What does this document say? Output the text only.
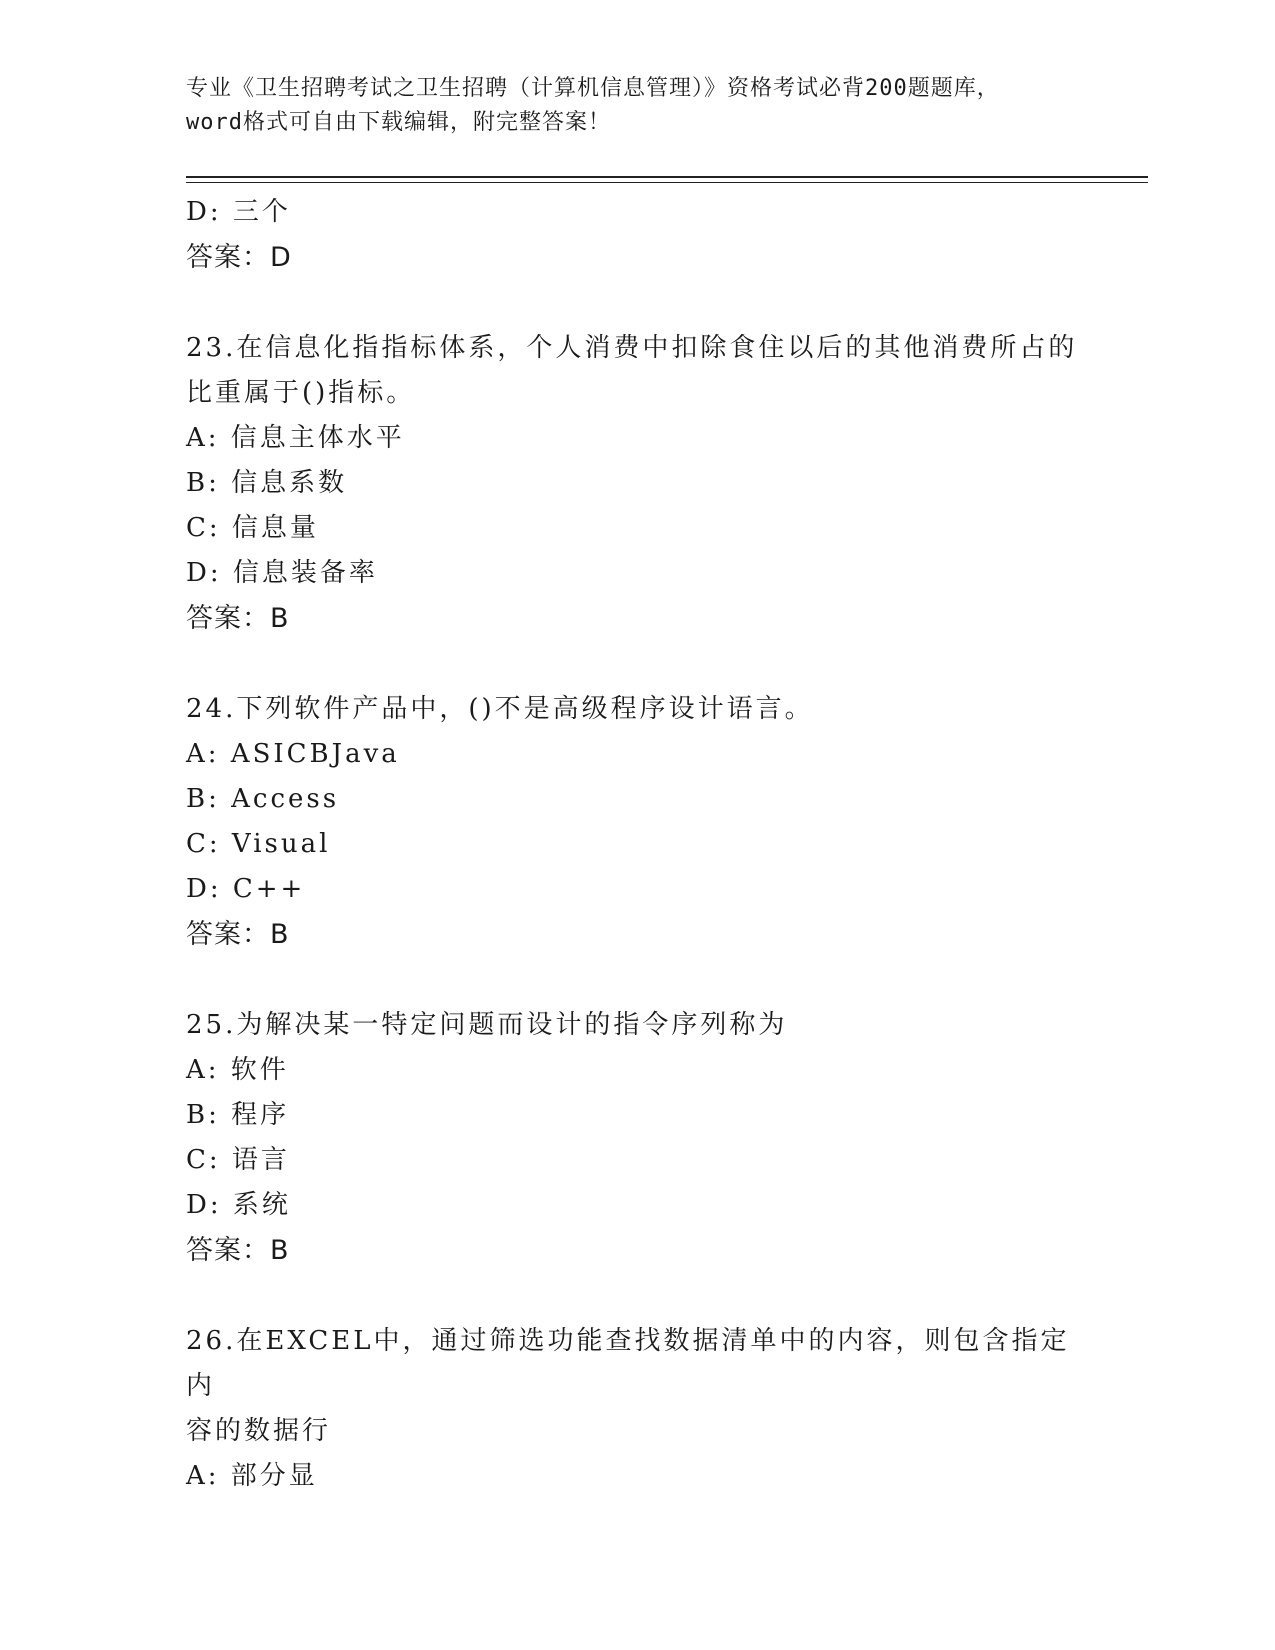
专业《卫生招聘考试之卫生招聘（计算机信息管理）》资格考试必背200题题库，
word格式可自由下载编辑，附完整答案！
D: 三个
答案：D
23.在信息化指指标体系，个人消费中扣除食住以后的其他消费所占的
比重属于()指标。
A: 信息主体水平
B: 信息系数
C: 信息量
D: 信息装备率
答案：B
24.下列软件产品中，()不是高级程序设计语言。
A: ASICBJava
B: Access
C: Visual
D: C++
答案：B
25.为解决某一特定问题而设计的指令序列称为
A: 软件
B: 程序
C: 语言
D: 系统
答案：B
26.在EXCEL中，通过筛选功能查找数据清单中的内容，则包含指定内
容的数据行
A: 部分显
